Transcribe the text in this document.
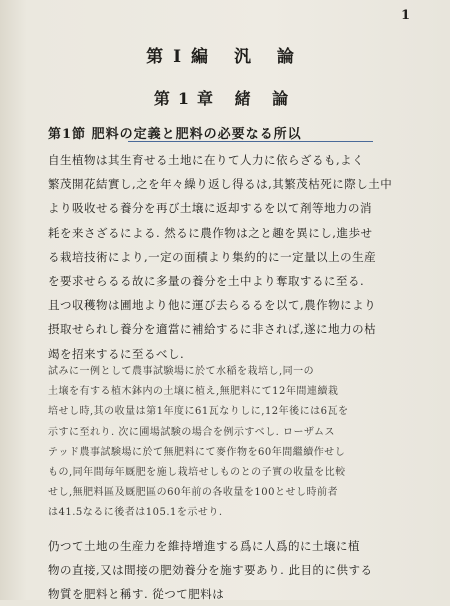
1
第Ⅰ編 汎 論
第1章 緒 論
第1節 肥料の定義と肥料の必要なる所以
自生植物は其生育せる土地に在りて人力に依らざるも,よく
繁茂開花結實し,之を年々繰り返し得るは,其繁茂枯死に際し土中
より吸收せる養分を再び土壌に返却するを以て剤等地力の消
耗を来さざるによる. 然るに農作物は之と趣を異にし,進歩せ
る栽培技術により,一定の面積より集約的に一定量以上の生産
を要求せらるる故に多量の養分を土中より奪取するに至る.
且つ収穫物は圃地より他に運び去らるるを以て,農作物により
摂取せられし養分を適當に補給するに非されば,遂に地力の枯
竭を招来するに至るべし.
試みに一例として農事試験場に於て水稲を栽培し,同一の
土壌を有する植木鉢内の土壌に植え,無肥料にて12年間連續栽
培せし時,其の收量は第1年度に61瓦なりしに,12年後には6瓦を
示すに至れり. 次に圃場試験の場合を例示すべし. ローザムス
テッド農事試験場に於て無肥料にて麥作物を60年間繼續作せし
もの,同年間毎年厩肥を施し栽培せしものとの子實の收量を比較
せし,無肥料區及厩肥區の60年前の各收量を100とせし時前者
は41.5なるに後者は105.1を示せり.
仍つて土地の生産力を維持增進する爲に人爲的に土壌に植
物の直接,又は間接の肥効養分を施す要あり. 此目的に供する
物質を肥料と稱す. 從つて肥料は
